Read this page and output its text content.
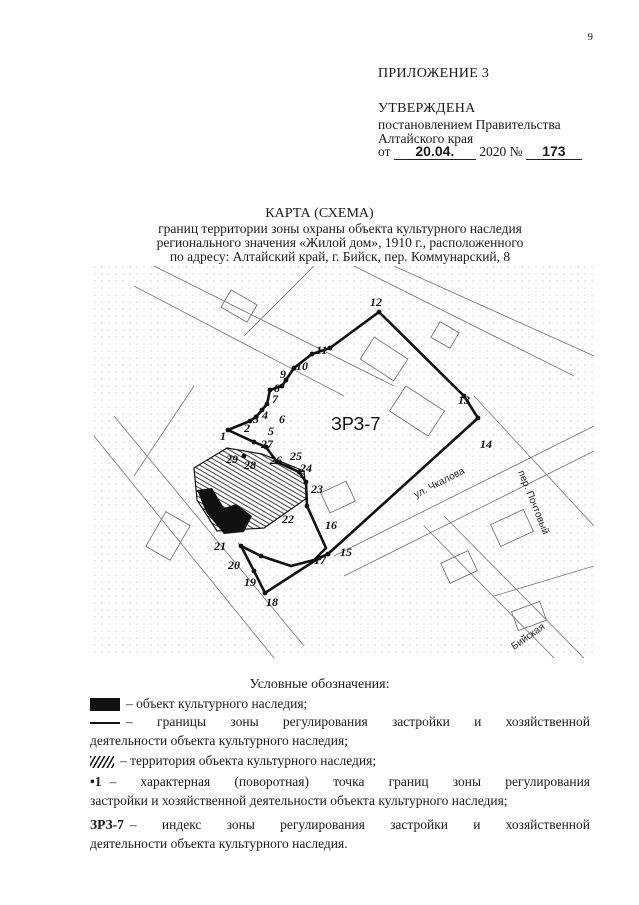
9
ПРИЛОЖЕНИЕ 3
УТВЕРЖДЕНА
постановлением Правительства
Алтайского края
от 20.04. 2020 № 173
КАРТА (СХЕМА)
границ территории зоны охраны объекта культурного наследия
регионального значения «Жилой дом», 1910 г., расположенного
по адресу: Алтайский край, г. Бийск, пер. Коммунарский, 8
1
2
3 4
5
6
7
8
9
10
11
12
13
14
15
16
17
18
19
20
21
22
23
24
25
26
27
28
29
ЗРЗ-7
ул. Чкалова	пер. Почтовый
Бийская
Условные обозначения:
– объект культурного наследия;
– границы зоны регулирования застройки и хозяйственной
деятельности объекта культурного наследия;
– территория объекта культурного наследия;
•1 – характерная (поворотная) точка границ зоны регулирования
застройки и хозяйственной деятельности объекта культурного наследия;
ЗРЗ-7 – индекс зоны регулирования застройки и хозяйственной
деятельности объекта культурного наследия.
